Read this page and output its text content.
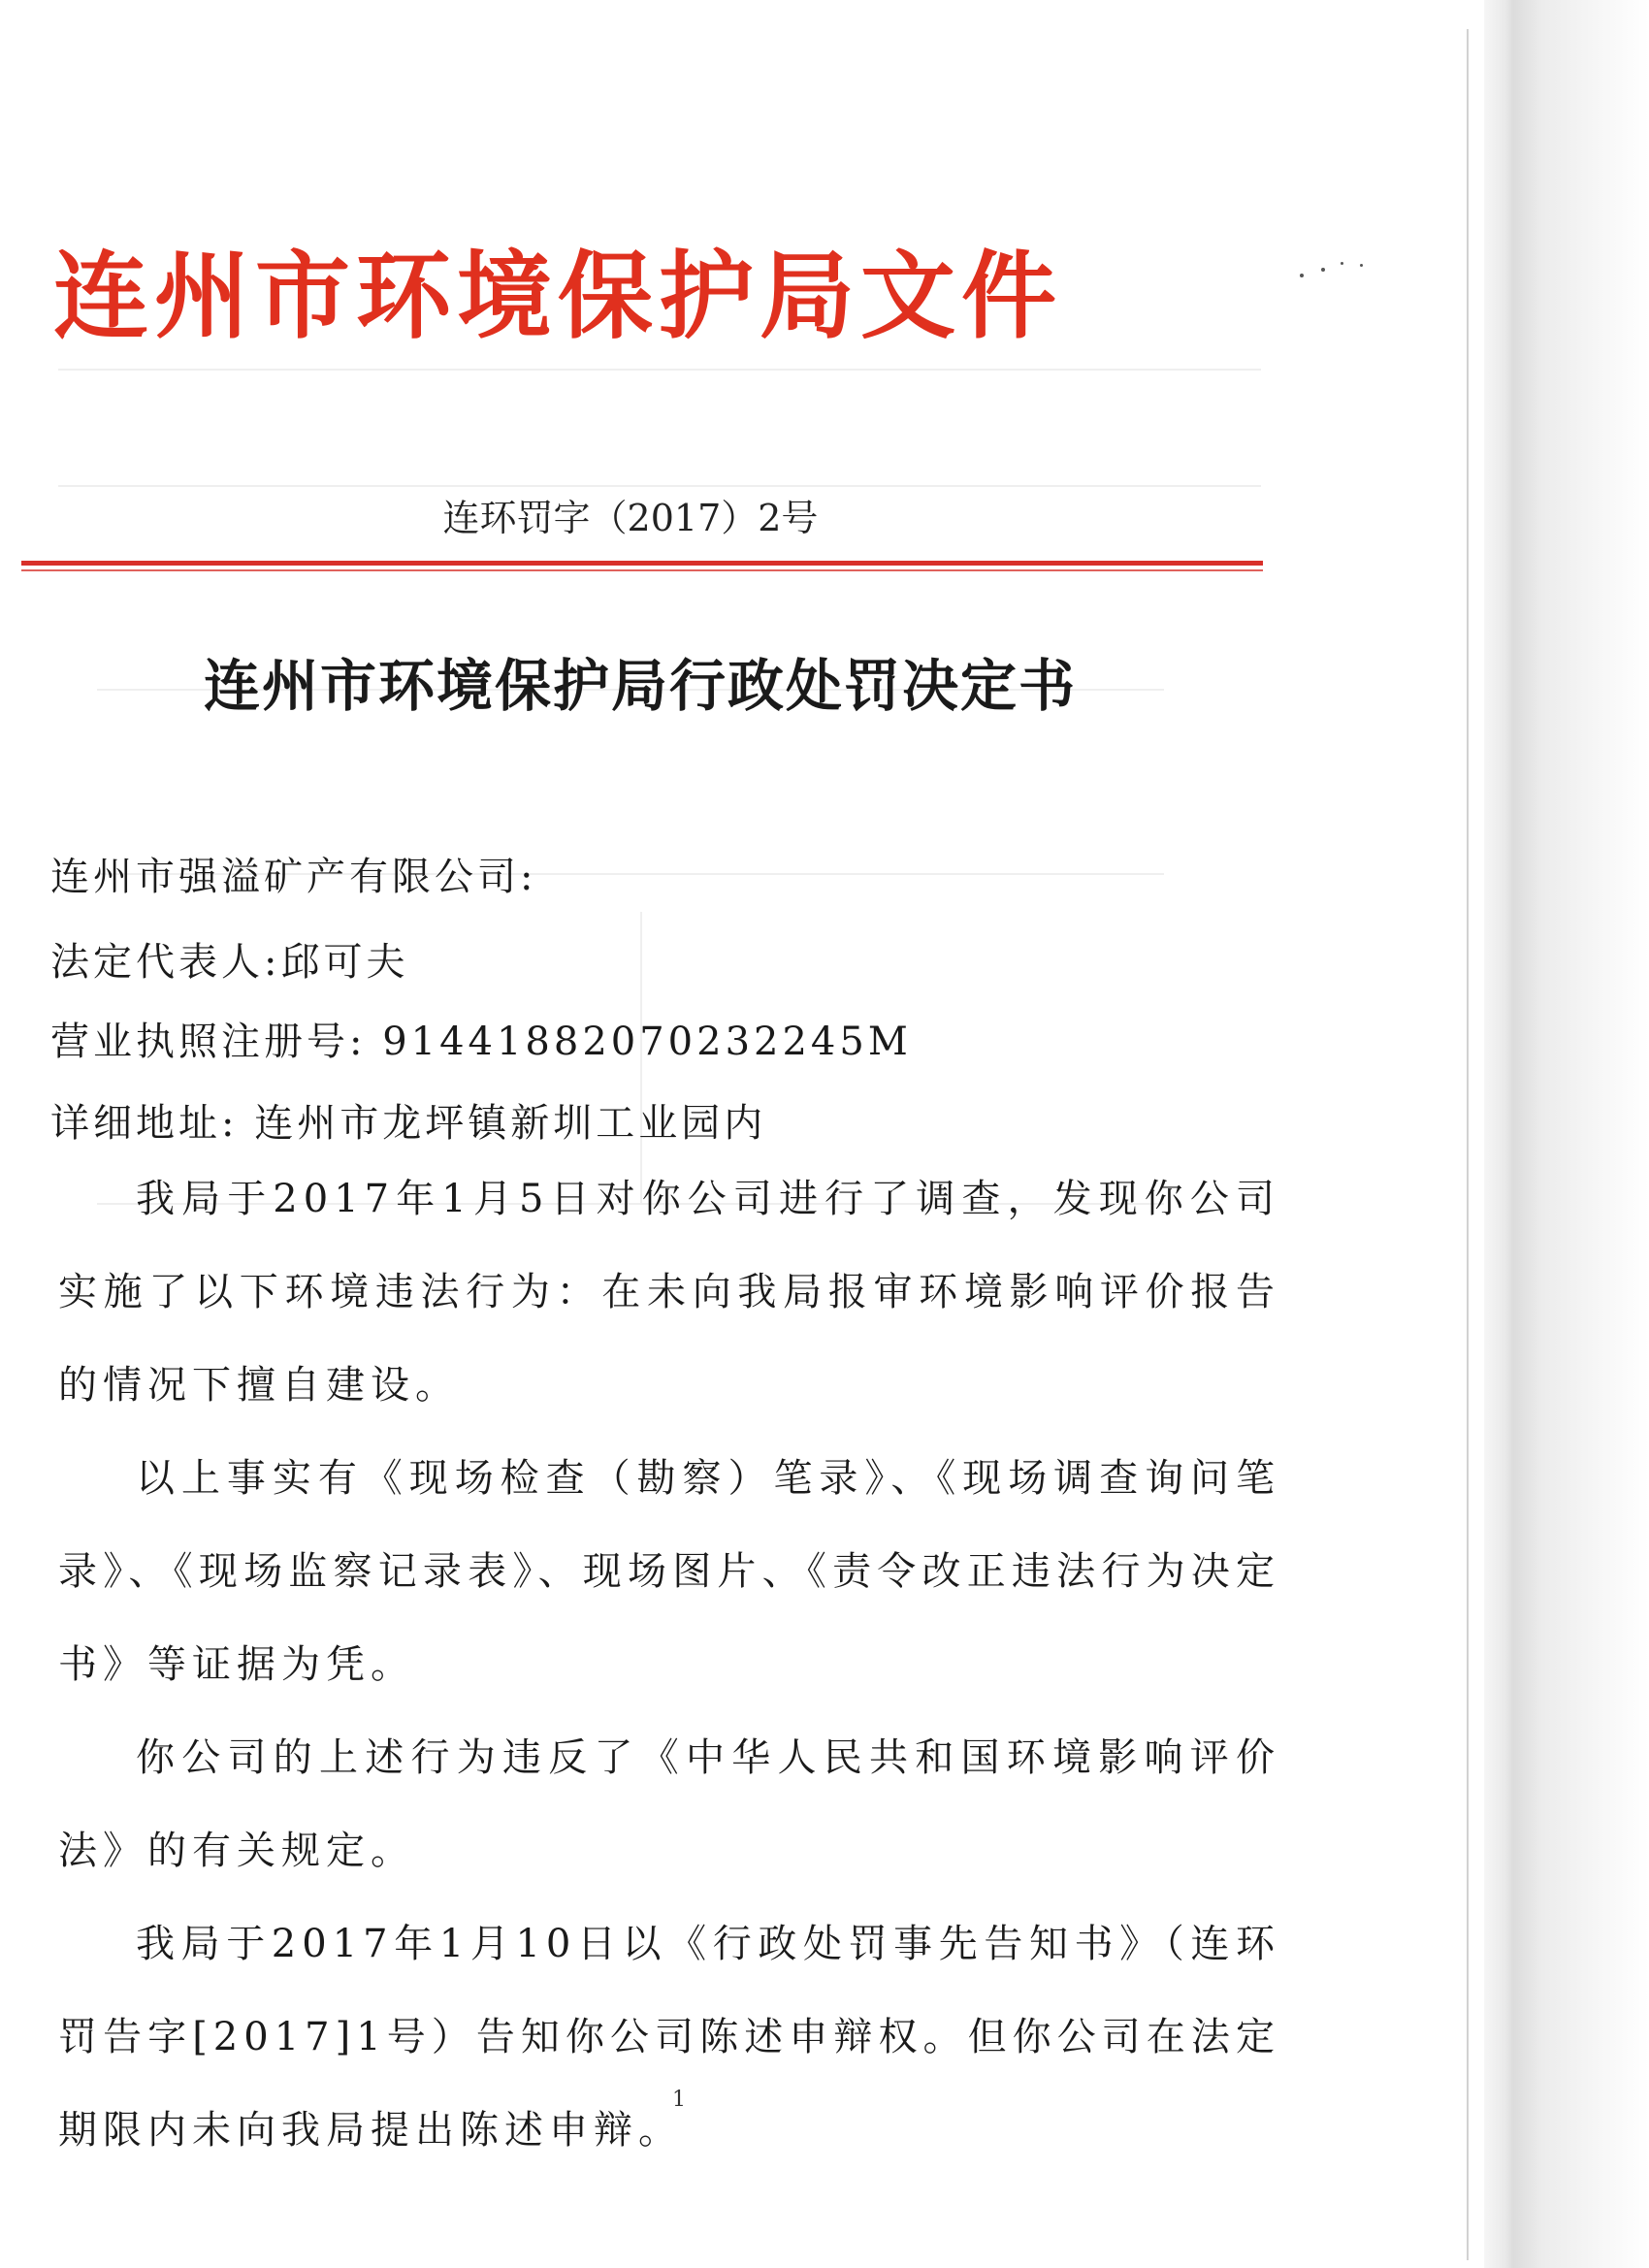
连州市环境保护局文件
连环罚字（2017）2号
连州市环境保护局行政处罚决定书
连州市强溢矿产有限公司:
法定代表人:邱可夫
营业执照注册号: 91441882070232245M
详细地址: 连州市龙坪镇新圳工业园内

我局于2017年1月5日对你公司进行了调查，发现你公司实施了以下环境违法行为：在未向我局报审环境影响评价报告的情况下擅自建设。

以上事实有《现场检查（勘察）笔录》、《现场调查询问笔录》、《现场监察记录表》、现场图片、《责令改正违法行为决定书》等证据为凭。

你公司的上述行为违反了《中华人民共和国环境影响评价法》的有关规定。

我局于2017年1月10日以《行政处罚事先告知书》（连环罚告字[2017]1号）告知你公司陈述申辩权。但你公司在法定期限内未向我局提出陈述申辩。

1
